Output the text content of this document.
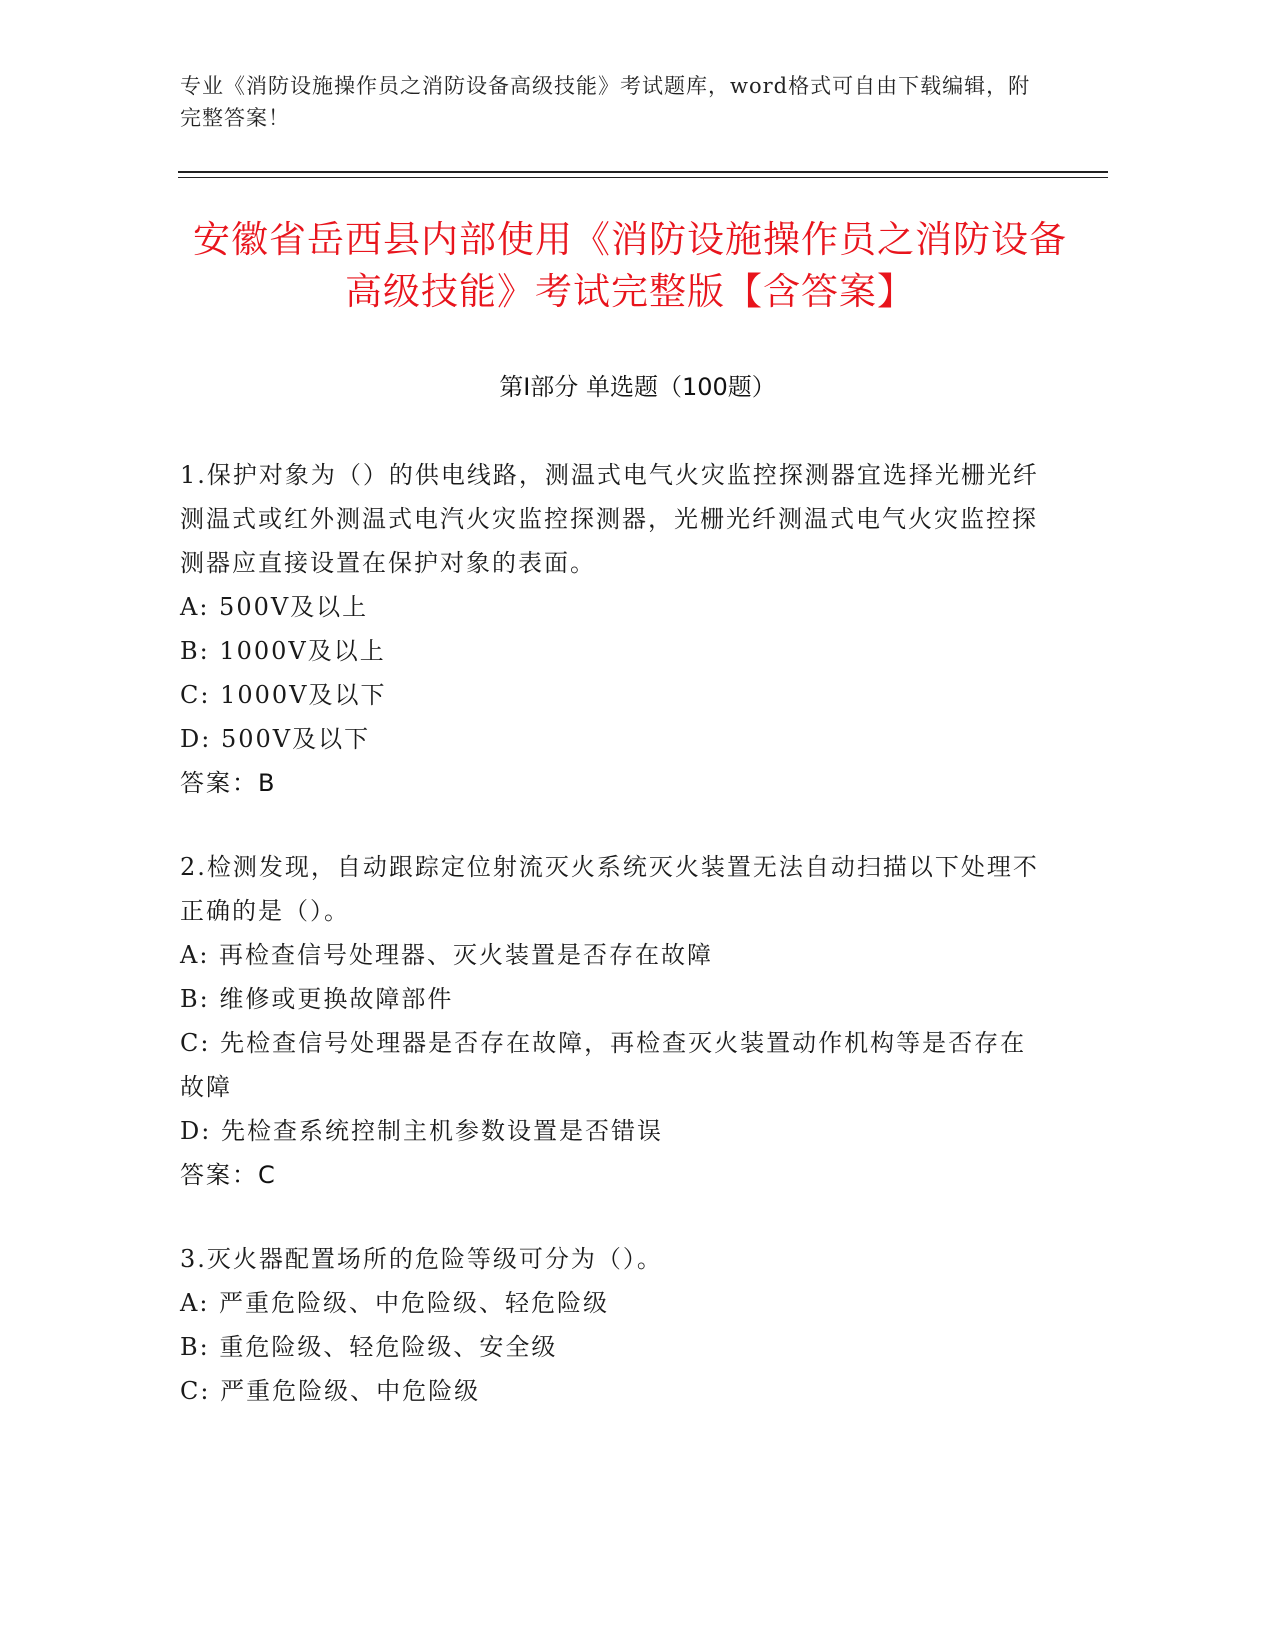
专业《消防设施操作员之消防设备高级技能》考试题库，word格式可自由下载编辑，附完整答案！
安徽省岳西县内部使用《消防设施操作员之消防设备高级技能》考试完整版【含答案】
第Ⅰ部分 单选题（100题）

1.保护对象为（）的供电线路，测温式电气火灾监控探测器宜选择光栅光纤测温式或红外测温式电汽火灾监控探测器，光栅光纤测温式电气火灾监控探测器应直接设置在保护对象的表面。

A: 500V及以上

B: 1000V及以上

C: 1000V及以下

D: 500V及以下

答案：B

2.检测发现，自动跟踪定位射流灭火系统灭火装置无法自动扫描以下处理不正确的是（）。

A: 再检查信号处理器、灭火装置是否存在故障

B: 维修或更换故障部件

C: 先检查信号处理器是否存在故障，再检查灭火装置动作机构等是否存在故障

D: 先检查系统控制主机参数设置是否错误

答案：C

3.灭火器配置场所的危险等级可分为（）。

A: 严重危险级、中危险级、轻危险级

B: 重危险级、轻危险级、安全级

C: 严重危险级、中危险级
